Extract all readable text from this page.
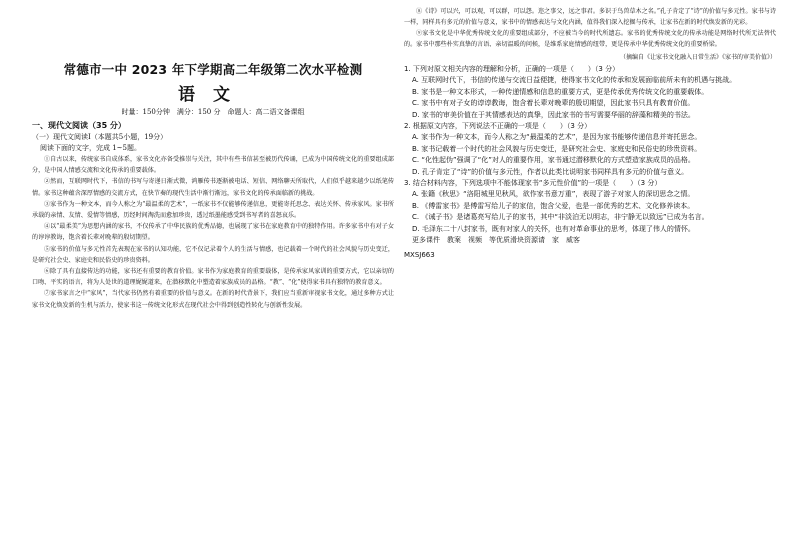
常德市一中 2023 年下学期高二年级第二次水平检测
语文
时量：150分钟　满分：150 分　命题人：高二语文备课组
一、现代文阅读（35 分）
（一）现代文阅读Ⅰ（本题共5小题，19分）
阅读下面的文字，完成 1~5题。

①自古以来，传统家书自成体系，家书文化亦备受推崇与关注，其中有些书信甚至被历代传诵，已成为中国传统文化的重要组成部分，是中国人情感交流和文化传承的重要载体。

②然而，互联网时代下，书信的书写与寄递日渐式微，鸿雁传书逐渐被电话、短信、网络聊天所取代，人们似乎越来越少以纸笔传情。家书这种蕴含深厚情感的交流方式，在快节奏的现代生活中渐行渐远，家书文化的传承面临新的挑战。

③家书作为一种文本，而今人称之为“最温柔的艺术”，一纸家书不仅能够传递信息，更能寄托思念、表达关怀、传承家风。家书所承载的亲情、友情、爱情等情感，历经时间淘洗而愈加珍贵，透过纸墨能感受到书写者的喜怒哀乐。

④以“最柔美”为思想内涵的家书，不仅传承了中华民族的优秀品德，也展现了家书在家庭教育中的独特作用。许多家书中有对子女的谆谆教诲，饱含着长辈对晚辈的殷切期望。

⑤家书的价值与多元性首先表现在家书的认知功能，它不仅记录着个人的生活与情感，也记载着一个时代的社会风貌与历史变迁，是研究社会史、家庭史和民俗史的珍贵资料。

⑥除了具有直接传达的功能，家书还有重要的教育价值。家书作为家庭教育的重要载体，是传承家风家训的重要方式，它以亲切的口吻、平实的语言，将为人处世的道理娓娓道来，在潜移默化中塑造着家族成员的品格。“教”、“化”使得家书具有独特的教育意义。

⑦家书家言之中“家风”，当代家书仍然有着重要的价值与意义。在新的时代背景下，我们应当重新审视家书文化，通过多种方式让家书文化焕发新的生机与活力，使家书这一传统文化形式在现代社会中得到创造性转化与创新性发展。

⑧《诗》可以兴，可以观，可以群，可以怨。迩之事父，远之事君。多识于鸟兽草木之名。”孔子肯定了“诗”的价值与多元性。家书与诗一样，同样具有多元的价值与意义，家书中的情感表达与文化内涵，值得我们深入挖掘与传承，让家书在新的时代焕发新的光彩。

⑨家书文化是中华优秀传统文化的重要组成部分，不应被当今的时代所遗忘。家书的优秀传统文化的传承功能是网络时代所无法替代的。家书中那些朴实真挚的言语、亲切温暖的问候，是维系家庭情感的纽带，更是传承中华优秀传统文化的重要桥梁。

（摘编自《让家书文化融入日常生活》《家书的审美价值》）
1. 下列对原文相关内容的理解和分析，正确的一项是（　　）（3 分）
A. 互联网时代下，书信的传递与交流日益便捷，使得家书文化的传承和发展面临前所未有的机遇与挑战。
B. 家书是一种文本形式，一种传递情感和信息的重要方式，更是传承优秀传统文化的重要载体。
C. 家书中有对子女的谆谆教诲，饱含着长辈对晚辈的殷切期望，因此家书只具有教育价值。
D. 家书的审美价值在于其情感表达的真挚，因此家书的书写需要华丽的辞藻和精美的书法。
2. 根据原文内容，下列说法不正确的一项是（　　）（3 分）
A. 家书作为一种文本，而今人称之为“最温柔的艺术”，是因为家书能够传递信息并寄托思念。
B. 家书记载着一个时代的社会风貌与历史变迁，是研究社会史、家庭史和民俗史的珍贵资料。
C. “化性起伪”强调了“化”对人的重要作用，家书通过潜移默化的方式塑造家族成员的品格。
D. 孔子肯定了“诗”的价值与多元性，作者以此类比说明家书同样具有多元的价值与意义。
3. 结合材料内容，下列选项中不能体现家书“多元性价值”的一项是（　　）（3 分）
A. 张籍《秋思》“洛阳城里见秋风，欲作家书意万重”，表现了游子对家人的深切思念之情。
B. 《傅雷家书》是傅雷写给儿子的家信，饱含父爱，也是一部优秀的艺术、文化修养读本。
C. 《诫子书》是诸葛亮写给儿子的家书，其中“非淡泊无以明志，非宁静无以致远”已成为名言。
D. 毛泽东二十八封家书，既有对家人的关怀，也有对革命事业的思考，体现了伟人的情怀。
更多课件　教案　视频　等优质滑块资源请　家　威客
MXSJ663
